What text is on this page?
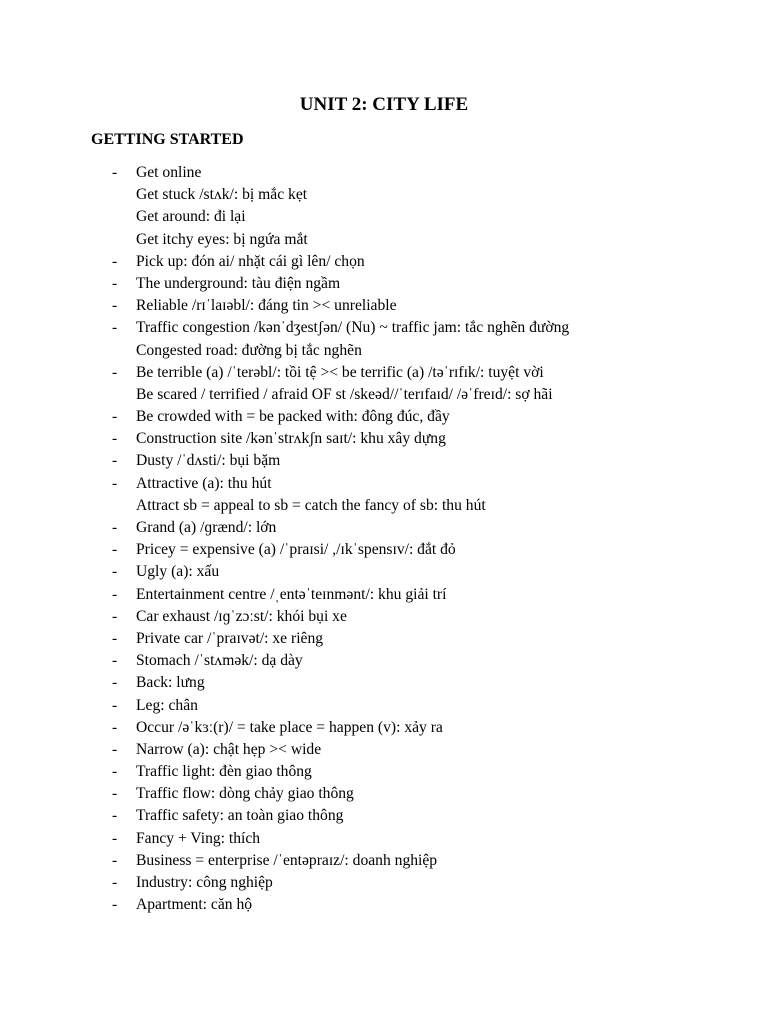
UNIT 2: CITY LIFE
GETTING STARTED
- Get online
Get stuck /stʌk/: bị mắc kẹt
Get around: đi lại
Get itchy eyes: bị ngứa mắt
- Pick up: đón ai/ nhặt cái gì lên/ chọn
- The underground: tàu điện ngầm
- Reliable /rɪˈlaɪəbl/: đáng tin >< unreliable
- Traffic congestion /kənˈdʒestʃən/ (Nu) ~ traffic jam: tắc nghẽn đường
Congested road: đường bị tắc nghẽn
- Be terrible (a) /ˈterəbl/: tồi tệ >< be terrific (a) /təˈrɪfɪk/: tuyệt vời
Be scared / terrified / afraid OF st /skeəd//ˈterɪfaɪd/ /əˈfreɪd/: sợ hãi
- Be crowded with = be packed with: đông đúc, đầy
- Construction site /kənˈstrʌkʃn saɪt/: khu xây dựng
- Dusty /ˈdʌsti/: bụi bặm
- Attractive (a): thu hút
Attract sb = appeal to sb = catch the fancy of sb: thu hút
- Grand (a) /ɡrænd/: lớn
- Pricey = expensive (a) /ˈpraɪsi/ ,/ɪkˈspensɪv/: đắt đỏ
- Ugly (a): xấu
- Entertainment centre /ˌentəˈteɪnmənt/: khu giải trí
- Car exhaust /ɪɡˈzɔːst/: khói bụi xe
- Private car /ˈpraɪvət/: xe riêng
- Stomach /ˈstʌmək/: dạ dày
- Back: lưng
- Leg: chân
- Occur /əˈkɜː(r)/ = take place = happen (v): xảy ra
- Narrow (a): chật hẹp >< wide
- Traffic light: đèn giao thông
- Traffic flow: dòng chảy giao thông
- Traffic safety: an toàn giao thông
- Fancy + Ving: thích
- Business = enterprise /ˈentəpraɪz/: doanh nghiệp
- Industry: công nghiệp
- Apartment: căn hộ
